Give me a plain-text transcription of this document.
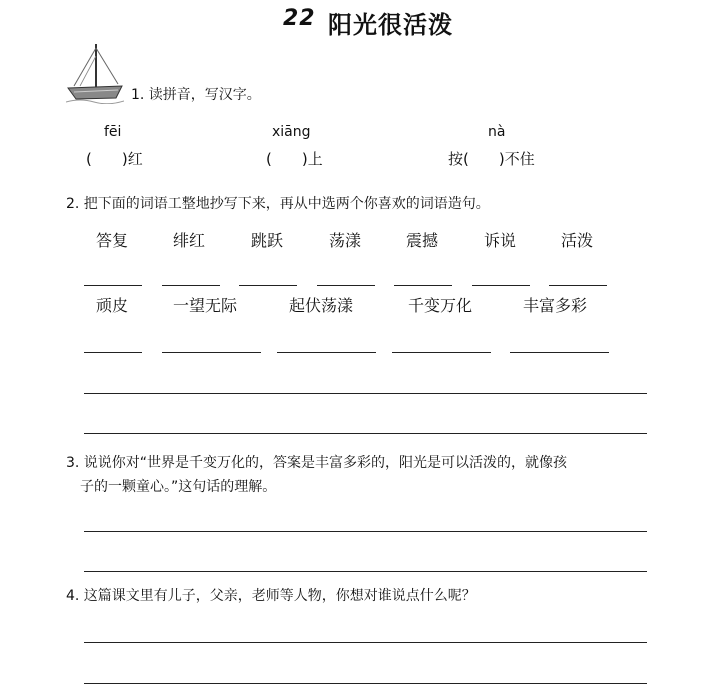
22 阳光很活泼
1. 读拼音，写汉字。
fēi	xiāng	nà
(　　)红	(　　)上	按(　　)不住
2. 把下面的词语工整地抄写下来，再从中选两个你喜欢的词语造句。
答复	绯红	跳跃	荡漾	震撼	诉说	活泼
顽皮	一望无际	起伏荡漾	千变万化	丰富多彩
3. 说说你对“世界是千变万化的，答案是丰富多彩的，阳光是可以活泼的，就像孩
子的一颗童心。”这句话的理解。
4. 这篇课文里有儿子，父亲，老师等人物，你想对谁说点什么呢？
